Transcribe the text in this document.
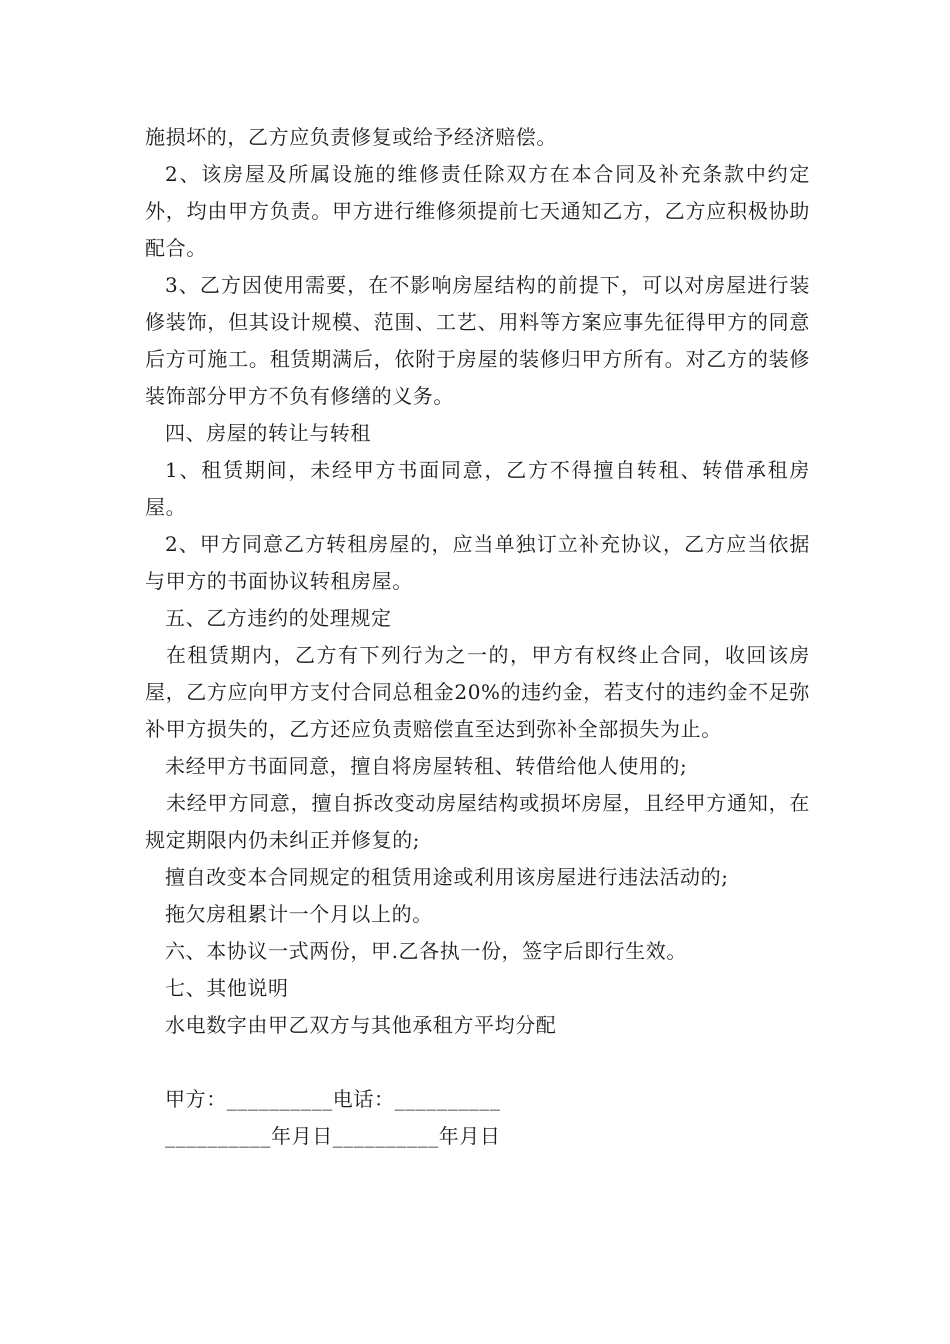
施损坏的，乙方应负责修复或给予经济赔偿。

2、该房屋及所属设施的维修责任除双方在本合同及补充条款中约定外，均由甲方负责。甲方进行维修须提前七天通知乙方，乙方应积极协助配合。

3、乙方因使用需要，在不影响房屋结构的前提下，可以对房屋进行装修装饰，但其设计规模、范围、工艺、用料等方案应事先征得甲方的同意后方可施工。租赁期满后，依附于房屋的装修归甲方所有。对乙方的装修装饰部分甲方不负有修缮的义务。

四、房屋的转让与转租

1、租赁期间，未经甲方书面同意，乙方不得擅自转租、转借承租房屋。

2、甲方同意乙方转租房屋的，应当单独订立补充协议，乙方应当依据与甲方的书面协议转租房屋。

五、乙方违约的处理规定

在租赁期内，乙方有下列行为之一的，甲方有权终止合同，收回该房屋，乙方应向甲方支付合同总租金20%的违约金，若支付的违约金不足弥补甲方损失的，乙方还应负责赔偿直至达到弥补全部损失为止。

未经甲方书面同意，擅自将房屋转租、转借给他人使用的;

未经甲方同意，擅自拆改变动房屋结构或损坏房屋，且经甲方通知，在规定期限内仍未纠正并修复的;

擅自改变本合同规定的租赁用途或利用该房屋进行违法活动的;

拖欠房租累计一个月以上的。

六、本协议一式两份，甲.乙各执一份，签字后即行生效。

七、其他说明

水电数字由甲乙双方与其他承租方平均分配

甲方：__________电话：__________

__________年月日__________年月日
